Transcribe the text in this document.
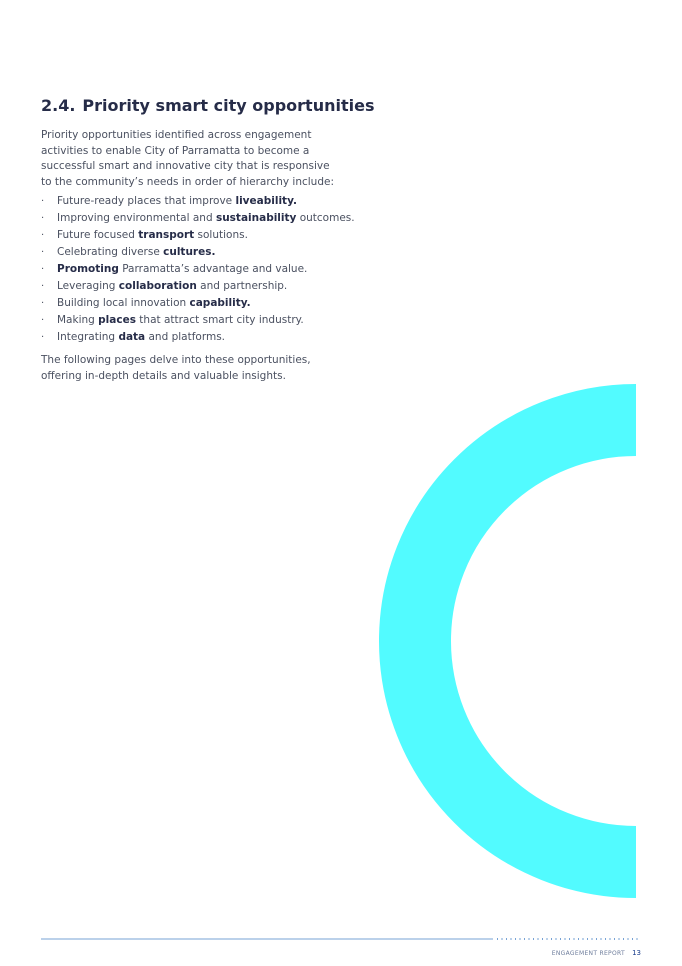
2.4. Priority smart city opportunities

Priority opportunities identified across engagement activities to enable City of Parramatta to become a successful smart and innovative city that is responsive to the community’s needs in order of hierarchy include:

· Future-ready places that improve liveability.
· Improving environmental and sustainability outcomes.
· Future focused transport solutions.
· Celebrating diverse cultures.
· Promoting Parramatta’s advantage and value.
· Leveraging collaboration and partnership.
· Building local innovation capability.
· Making places that attract smart city industry.
· Integrating data and platforms.

The following pages delve into these opportunities, offering in-depth details and valuable insights.

ENGAGEMENT REPORT 13
